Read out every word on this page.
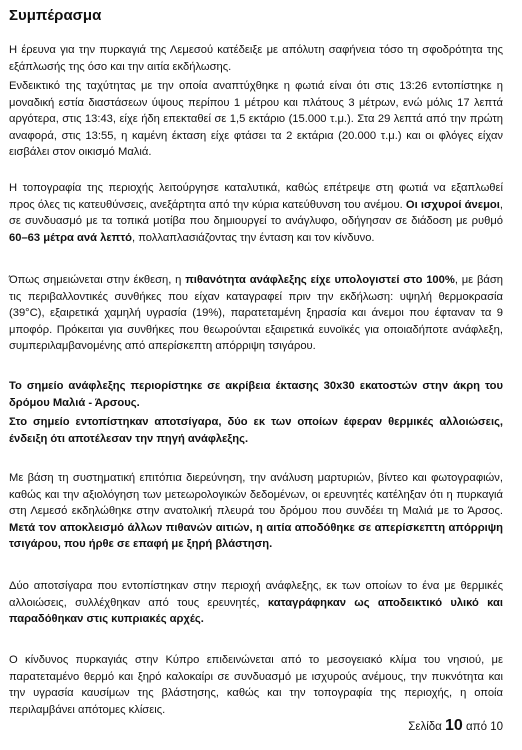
Συμπέρασμα

Η έρευνα για την πυρκαγιά της Λεμεσού κατέδειξε με απόλυτη σαφήνεια τόσο τη σφοδρότητα της εξάπλωσής της όσο και την αιτία εκδήλωσης.

Ενδεικτικό της ταχύτητας με την οποία αναπτύχθηκε η φωτιά είναι ότι στις 13:26 εντοπίστηκε η μοναδική εστία διαστάσεων ύψους περίπου 1 μέτρου και πλάτους 3 μέτρων, ενώ μόλις 17 λεπτά αργότερα, στις 13:43, είχε ήδη επεκταθεί σε 1,5 εκτάριο (15.000 τ.μ.). Στα 29 λεπτά από την πρώτη αναφορά, στις 13:55, η καμένη έκταση είχε φτάσει τα 2 εκτάρια (20.000 τ.μ.) και οι φλόγες είχαν εισβάλει στον οικισμό Μαλιά.

Η τοπογραφία της περιοχής λειτούργησε καταλυτικά, καθώς επέτρεψε στη φωτιά να εξαπλωθεί προς όλες τις κατευθύνσεις, ανεξάρτητα από την κύρια κατεύθυνση του ανέμου. Οι ισχυροί άνεμοι, σε συνδυασμό με τα τοπικά μοτίβα που δημιουργεί το ανάγλυφο, οδήγησαν σε διάδοση με ρυθμό 60–63 μέτρα ανά λεπτό, πολλαπλασιάζοντας την ένταση και τον κίνδυνο.

Όπως σημειώνεται στην έκθεση, η πιθανότητα ανάφλεξης είχε υπολογιστεί στο 100%, με βάση τις περιβαλλοντικές συνθήκες που είχαν καταγραφεί πριν την εκδήλωση: υψηλή θερμοκρασία (39°C), εξαιρετικά χαμηλή υγρασία (19%), παρατεταμένη ξηρασία και άνεμοι που έφταναν τα 9 μποφόρ. Πρόκειται για συνθήκες που θεωρούνται εξαιρετικά ευνοϊκές για οποιαδήποτε ανάφλεξη, συμπεριλαμβανομένης από απερίσκεπτη απόρριψη τσιγάρου.

Το σημείο ανάφλεξης περιορίστηκε σε ακρίβεια έκτασης 30x30 εκατοστών στην άκρη του δρόμου Μαλιά - Άρσους.

Στο σημείο εντοπίστηκαν αποτσίγαρα, δύο εκ των οποίων έφεραν θερμικές αλλοιώσεις, ένδειξη ότι αποτέλεσαν την πηγή ανάφλεξης.

Με βάση τη συστηματική επιτόπια διερεύνηση, την ανάλυση μαρτυριών, βίντεο και φωτογραφιών, καθώς και την αξιολόγηση των μετεωρολογικών δεδομένων, οι ερευνητές κατέληξαν ότι η πυρκαγιά στη Λεμεσό εκδηλώθηκε στην ανατολική πλευρά του δρόμου που συνδέει τη Μαλιά με το Άρσος. Μετά τον αποκλεισμό άλλων πιθανών αιτιών, η αιτία αποδόθηκε σε απερίσκεπτη απόρριψη τσιγάρου, που ήρθε σε επαφή με ξηρή βλάστηση.

Δύο αποτσίγαρα που εντοπίστηκαν στην περιοχή ανάφλεξης, εκ των οποίων το ένα με θερμικές αλλοιώσεις, συλλέχθηκαν από τους ερευνητές, καταγράφηκαν ως αποδεικτικό υλικό και παραδόθηκαν στις κυπριακές αρχές.

Ο κίνδυνος πυρκαγιάς στην Κύπρο επιδεινώνεται από το μεσογειακό κλίμα του νησιού, με παρατεταμένο θερμό και ξηρό καλοκαίρι σε συνδυασμό με ισχυρούς ανέμους, την πυκνότητα και την υγρασία καυσίμων της βλάστησης, καθώς και την τοπογραφία της περιοχής, η οποία περιλαμβάνει απότομες κλίσεις.

Σελίδα 10 από 10
